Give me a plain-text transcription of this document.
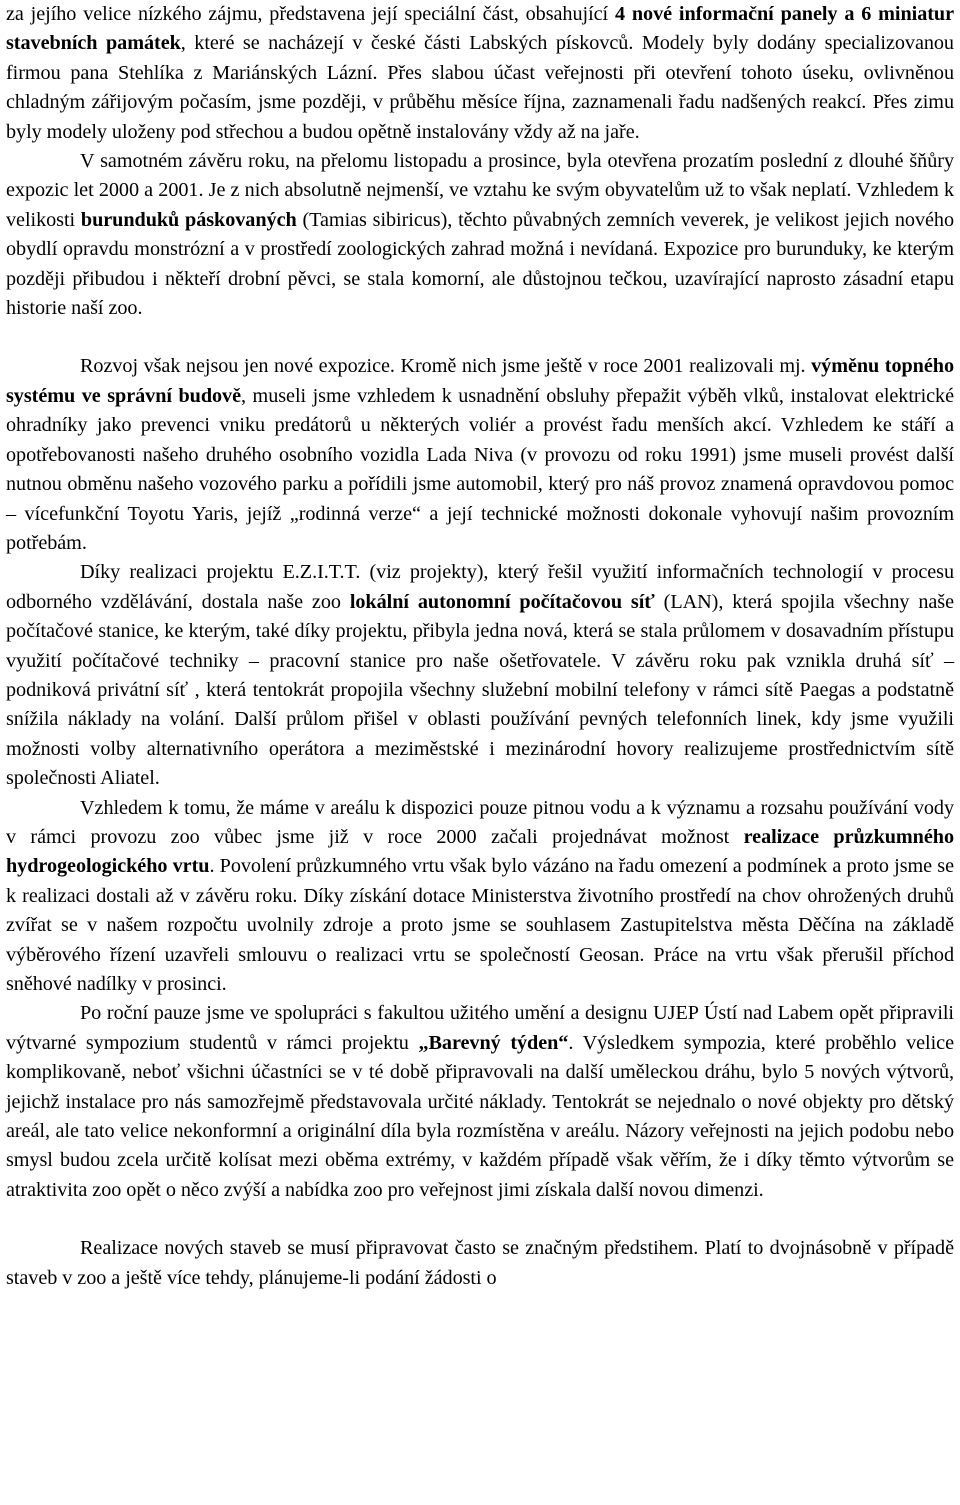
za jejího velice nízkého zájmu, představena její speciální část, obsahující 4 nové informační panely a 6 miniatur stavebních památek, které se nacházejí v české části Labských pískovců. Modely byly dodány specializovanou firmou pana Stehlíka z Mariánských Lázní. Přes slabou účast veřejnosti při otevření tohoto úseku, ovlivněnou chladným zářijovým počasím, jsme později, v průběhu měsíce října, zaznamenali řadu nadšených reakcí. Přes zimu byly modely uloženy pod střechou a budou opětně instalovány vždy až na jaře.

V samotném závěru roku, na přelomu listopadu a prosince, byla otevřena prozatím poslední z dlouhé šňůry expozic let 2000 a 2001. Je z nich absolutně nejmenší, ve vztahu ke svým obyvatelům už to však neplatí. Vzhledem k velikosti burunduků páskovaných (Tamias sibiricus), těchto půvabných zemních veverek, je velikost jejich nového obydlí opravdu monstrózní a v prostředí zoologických zahrad možná i nevídaná. Expozice pro burunduky, ke kterým později přibudou i někteří drobní pěvci, se stala komorní, ale důstojnou tečkou, uzavírající naprosto zásadní etapu historie naší zoo.

Rozvoj však nejsou jen nové expozice. Kromě nich jsme ještě v roce 2001 realizovali mj. výměnu topného systému ve správní budově, museli jsme vzhledem k usnadnění obsluhy přepažit výběh vlků, instalovat elektrické ohradníky jako prevenci vniku predátorů u některých voliér a provést řadu menších akcí. Vzhledem ke stáří a opotřebovanosti našeho druhého osobního vozidla Lada Niva (v provozu od roku 1991) jsme museli provést další nutnou obměnu našeho vozového parku a pořídili jsme automobil, který pro náš provoz znamená opravdovou pomoc – vícefunkční Toyotu Yaris, jejíž „rodinná verze“ a její technické možnosti dokonale vyhovují našim provozním potřebám.

Díky realizaci projektu E.Z.I.T.T. (viz projekty), který řešil využití informačních technologií v procesu odborného vzdělávání, dostala naše zoo lokální autonomní počítačovou síť (LAN), která spojila všechny naše počítačové stanice, ke kterým, také díky projektu, přibyla jedna nová, která se stala průlomem v dosavadním přístupu využití počítačové techniky – pracovní stanice pro naše ošetřovatele. V závěru roku pak vznikla druhá síť – podniková privátní síť , která tentokrát propojila všechny služební mobilní telefony v rámci sítě Paegas a podstatně snížila náklady na volání. Další průlom přišel v oblasti používání pevných telefonních linek, kdy jsme využili možnosti volby alternativního operátora a meziměstské i mezinárodní hovory realizujeme prostřednictvím sítě společnosti Aliatel.

Vzhledem k tomu, že máme v areálu k dispozici pouze pitnou vodu a k významu a rozsahu používání vody v rámci provozu zoo vůbec jsme již v roce 2000 začali projednávat možnost realizace průzkumného hydrogeologického vrtu. Povolení průzkumného vrtu však bylo vázáno na řadu omezení a podmínek a proto jsme se k realizaci dostali až v závěru roku. Díky získání dotace Ministerstva životního prostředí na chov ohrožených druhů zvířat se v našem rozpočtu uvolnily zdroje a proto jsme se souhlasem Zastupitelstva města Děčína na základě výběrového řízení uzavřeli smlouvu o realizaci vrtu se společností Geosan. Práce na vrtu však přerušil příchod sněhové nadílky v prosinci.

Po roční pauze jsme ve spolupráci s fakultou užitého umění a designu UJEP Ústí nad Labem opět připravili výtvarné sympozium studentů v rámci projektu „Barevný týden“. Výsledkem sympozia, které proběhlo velice komplikovaně, neboť všichni účastníci se v té době připravovali na další uměleckou dráhu, bylo 5 nových výtvorů, jejichž instalace pro nás samozřejmě představovala určité náklady. Tentokrát se nejednalo o nové objekty pro dětský areál, ale tato velice nekonformní a originální díla byla rozmístěna v areálu. Názory veřejnosti na jejich podobu nebo smysl budou zcela určitě kolísat mezi oběma extrémy, v každém případě však věřím, že i díky těmto výtvorům se atraktivita zoo opět o něco zvýší a nabídka zoo pro veřejnost jimi získala další novou dimenzi.

Realizace nových staveb se musí připravovat často se značným předstihem. Platí to dvojnásobně v případě staveb v zoo a ještě více tehdy, plánujeme-li podání žádosti o
